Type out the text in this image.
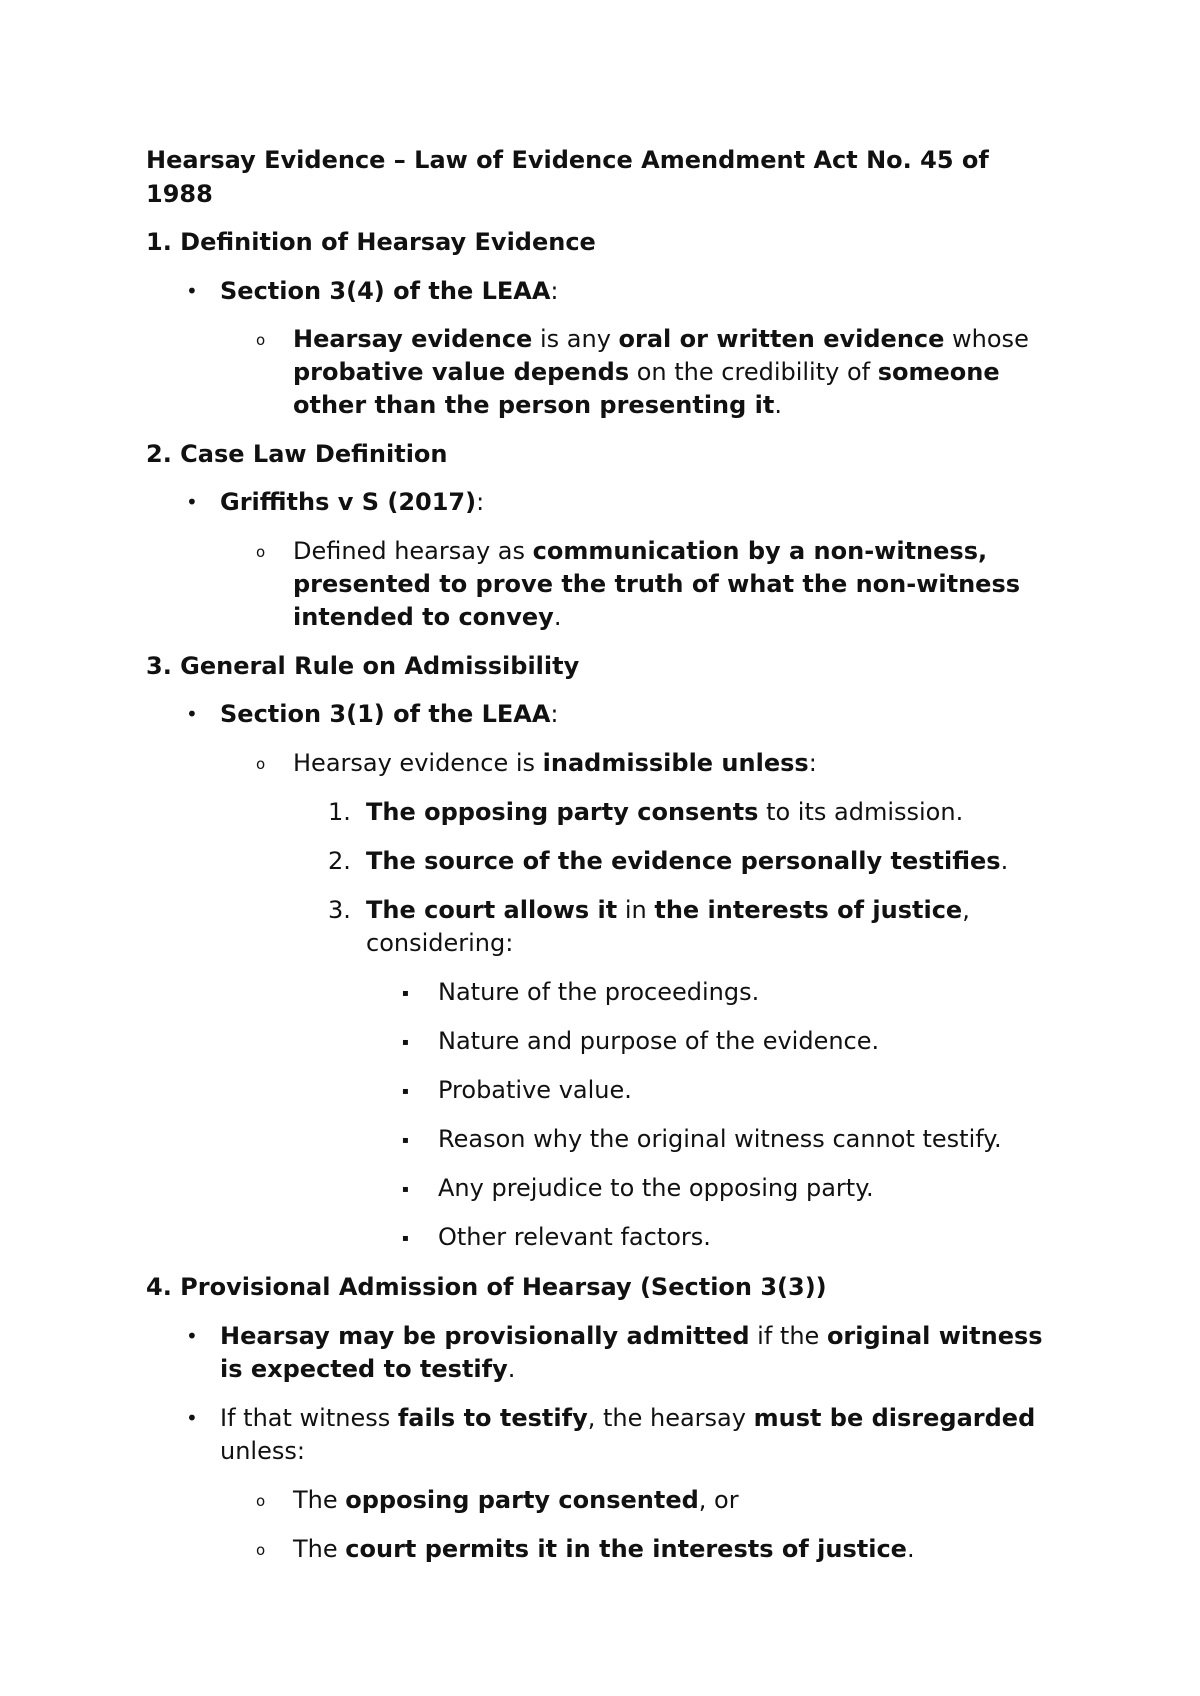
Hearsay Evidence – Law of Evidence Amendment Act No. 45 of
1988
1. Definition of Hearsay Evidence
• Section 3(4) of the LEAA:
o Hearsay evidence is any oral or written evidence whose
probative value depends on the credibility of someone
other than the person presenting it.
2. Case Law Definition
• Griffiths v S (2017):
o Defined hearsay as communication by a non-witness,
presented to prove the truth of what the non-witness
intended to convey.
3. General Rule on Admissibility
• Section 3(1) of the LEAA:
o Hearsay evidence is inadmissible unless:
1. The opposing party consents to its admission.
2. The source of the evidence personally testifies.
3. The court allows it in the interests of justice,
considering:
▪ Nature of the proceedings.
▪ Nature and purpose of the evidence.
▪ Probative value.
▪ Reason why the original witness cannot testify.
▪ Any prejudice to the opposing party.
▪ Other relevant factors.
4. Provisional Admission of Hearsay (Section 3(3))
• Hearsay may be provisionally admitted if the original witness
is expected to testify.
• If that witness fails to testify, the hearsay must be disregarded
unless:
o The opposing party consented, or
o The court permits it in the interests of justice.
